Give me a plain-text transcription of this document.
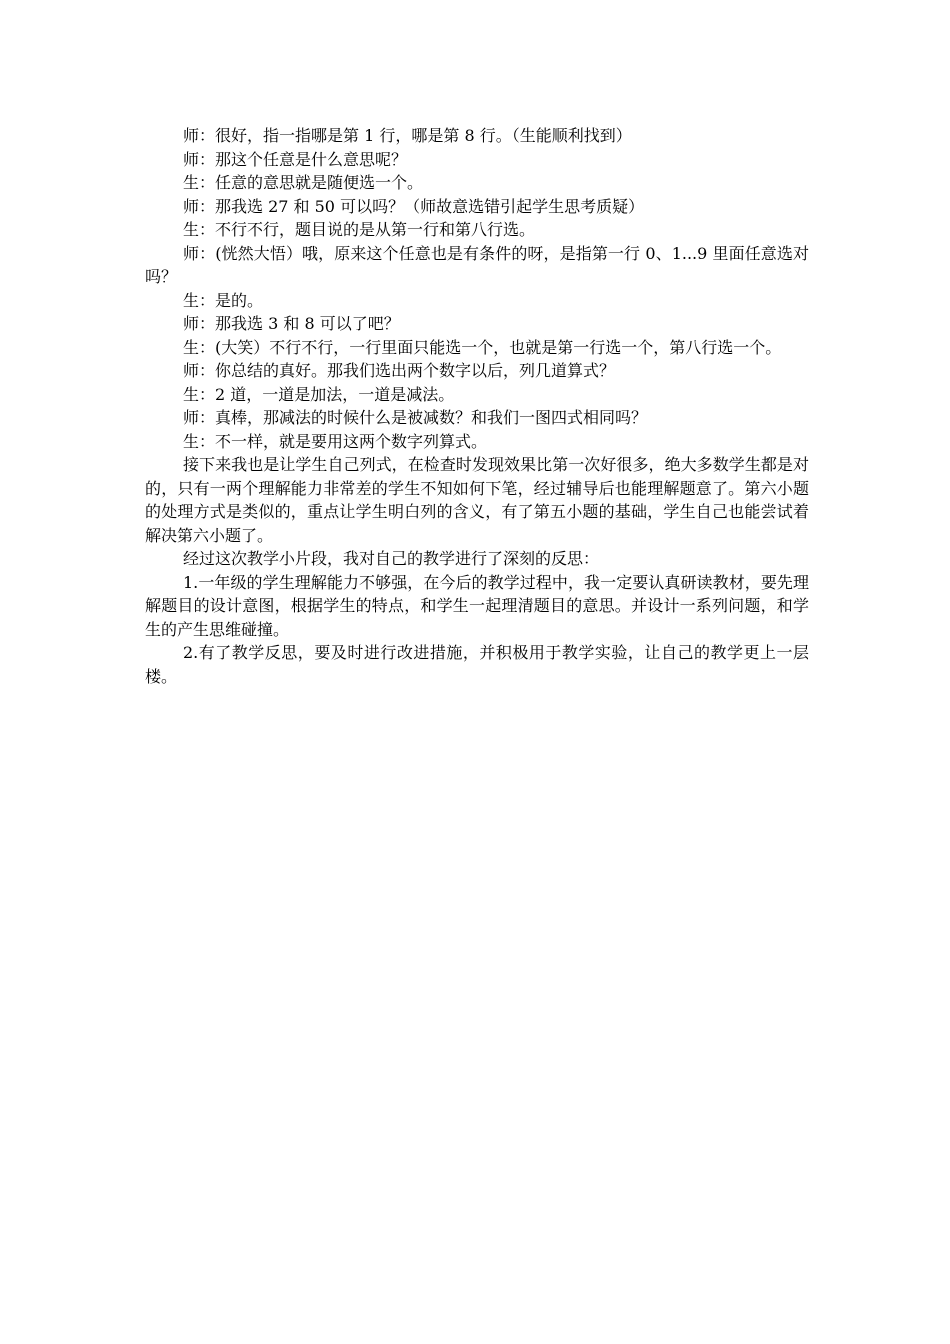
师：很好，指一指哪是第 1 行，哪是第 8 行。（生能顺利找到）

师：那这个任意是什么意思呢？

生：任意的意思就是随便选一个。

师：那我选 27 和 50 可以吗？（师故意选错引起学生思考质疑）

生：不行不行，题目说的是从第一行和第八行选。

师：(恍然大悟）哦，原来这个任意也是有条件的呀，是指第一行 0、1...9 里面任意选对吗？

生：是的。

师：那我选 3 和 8 可以了吧？

生：(大笑）不行不行，一行里面只能选一个，也就是第一行选一个，第八行选一个。

师：你总结的真好。那我们选出两个数字以后，列几道算式？

生：2 道，一道是加法，一道是减法。

师：真棒，那减法的时候什么是被减数？和我们一图四式相同吗？

生：不一样，就是要用这两个数字列算式。

接下来我也是让学生自己列式，在检查时发现效果比第一次好很多，绝大多数学生都是对的，只有一两个理解能力非常差的学生不知如何下笔，经过辅导后也能理解题意了。第六小题的处理方式是类似的，重点让学生明白列的含义，有了第五小题的基础，学生自己也能尝试着解决第六小题了。

经过这次教学小片段，我对自己的教学进行了深刻的反思：

1.一年级的学生理解能力不够强，在今后的教学过程中，我一定要认真研读教材，要先理解题目的设计意图，根据学生的特点，和学生一起理清题目的意思。并设计一系列问题，和学生的产生思维碰撞。

2.有了教学反思，要及时进行改进措施，并积极用于教学实验，让自己的教学更上一层楼。
